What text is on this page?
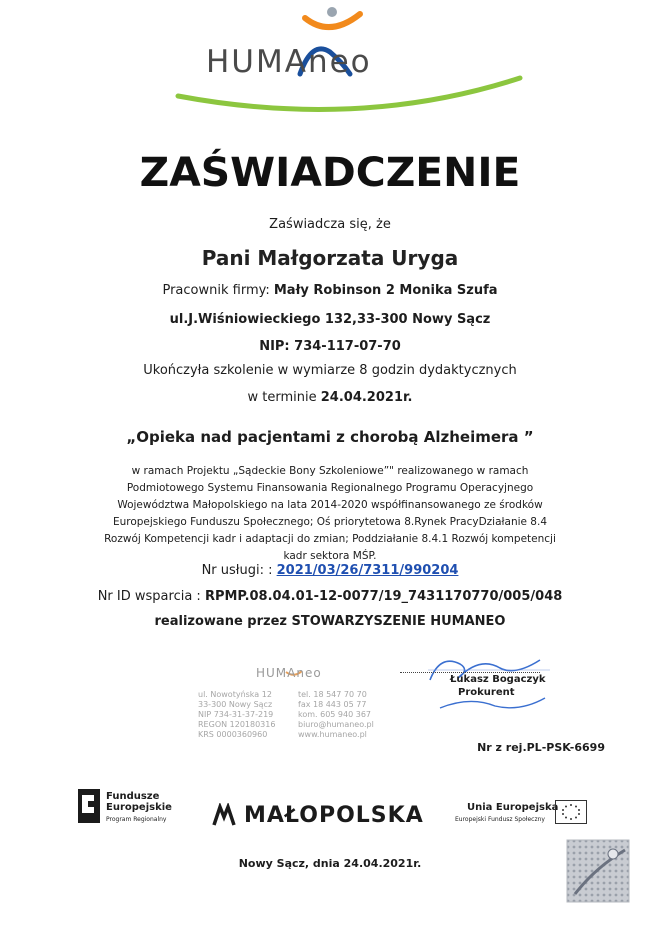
HUMAneo
ZAŚWIADCZENIE
Zaświadcza się, że
Pani Małgorzata Uryga
Pracownik firmy: Mały Robinson 2 Monika Szufa
ul.J.Wiśniowieckiego 132,33-300 Nowy Sącz
NIP: 734-117-07-70
Ukończyła szkolenie w wymiarze 8 godzin dydaktycznych
w terminie 24.04.2021r.
„Opieka nad pacjentami z chorobą Alzheimera ”
w ramach Projektu „Sądeckie Bony Szkoleniowe”" realizowanego w ramach Podmiotowego Systemu Finansowania Regionalnego Programu Operacyjnego Województwa Małopolskiego na lata 2014-2020 współfinansowanego ze środków Europejskiego Funduszu Społecznego; Oś priorytetowa 8.Rynek PracyDziałanie 8.4 Rozwój Kompetencji kadr i adaptacji do zmian; Poddziałanie 8.4.1 Rozwój kompetencji kadr sektora MŚP.
Nr usługi: : 2021/03/26/7311/990204
Nr ID wsparcia : RPMP.08.04.01-12-0077/19_7431170770/005/048
realizowane przez STOWARZYSZENIE HUMANEO
HUMAneo
ul. Nowotyńska 12
33-300 Nowy Sącz
NIP 734-31-37-219
REGON 120180316
KRS 0000360960
tel. 18 547 70 70
fax 18 443 05 77
kom. 605 940 367
biuro@humaneo.pl
www.humaneo.pl
Łukasz Bogaczyk
Prokurent
Nr z rej.PL-PSK-6699
Fundusze
Europejskie
Program Regionalny	MAŁOPOLSKA	Unia Europejska
Europejski Fundusz Społeczny
Nowy Sącz, dnia 24.04.2021r.
